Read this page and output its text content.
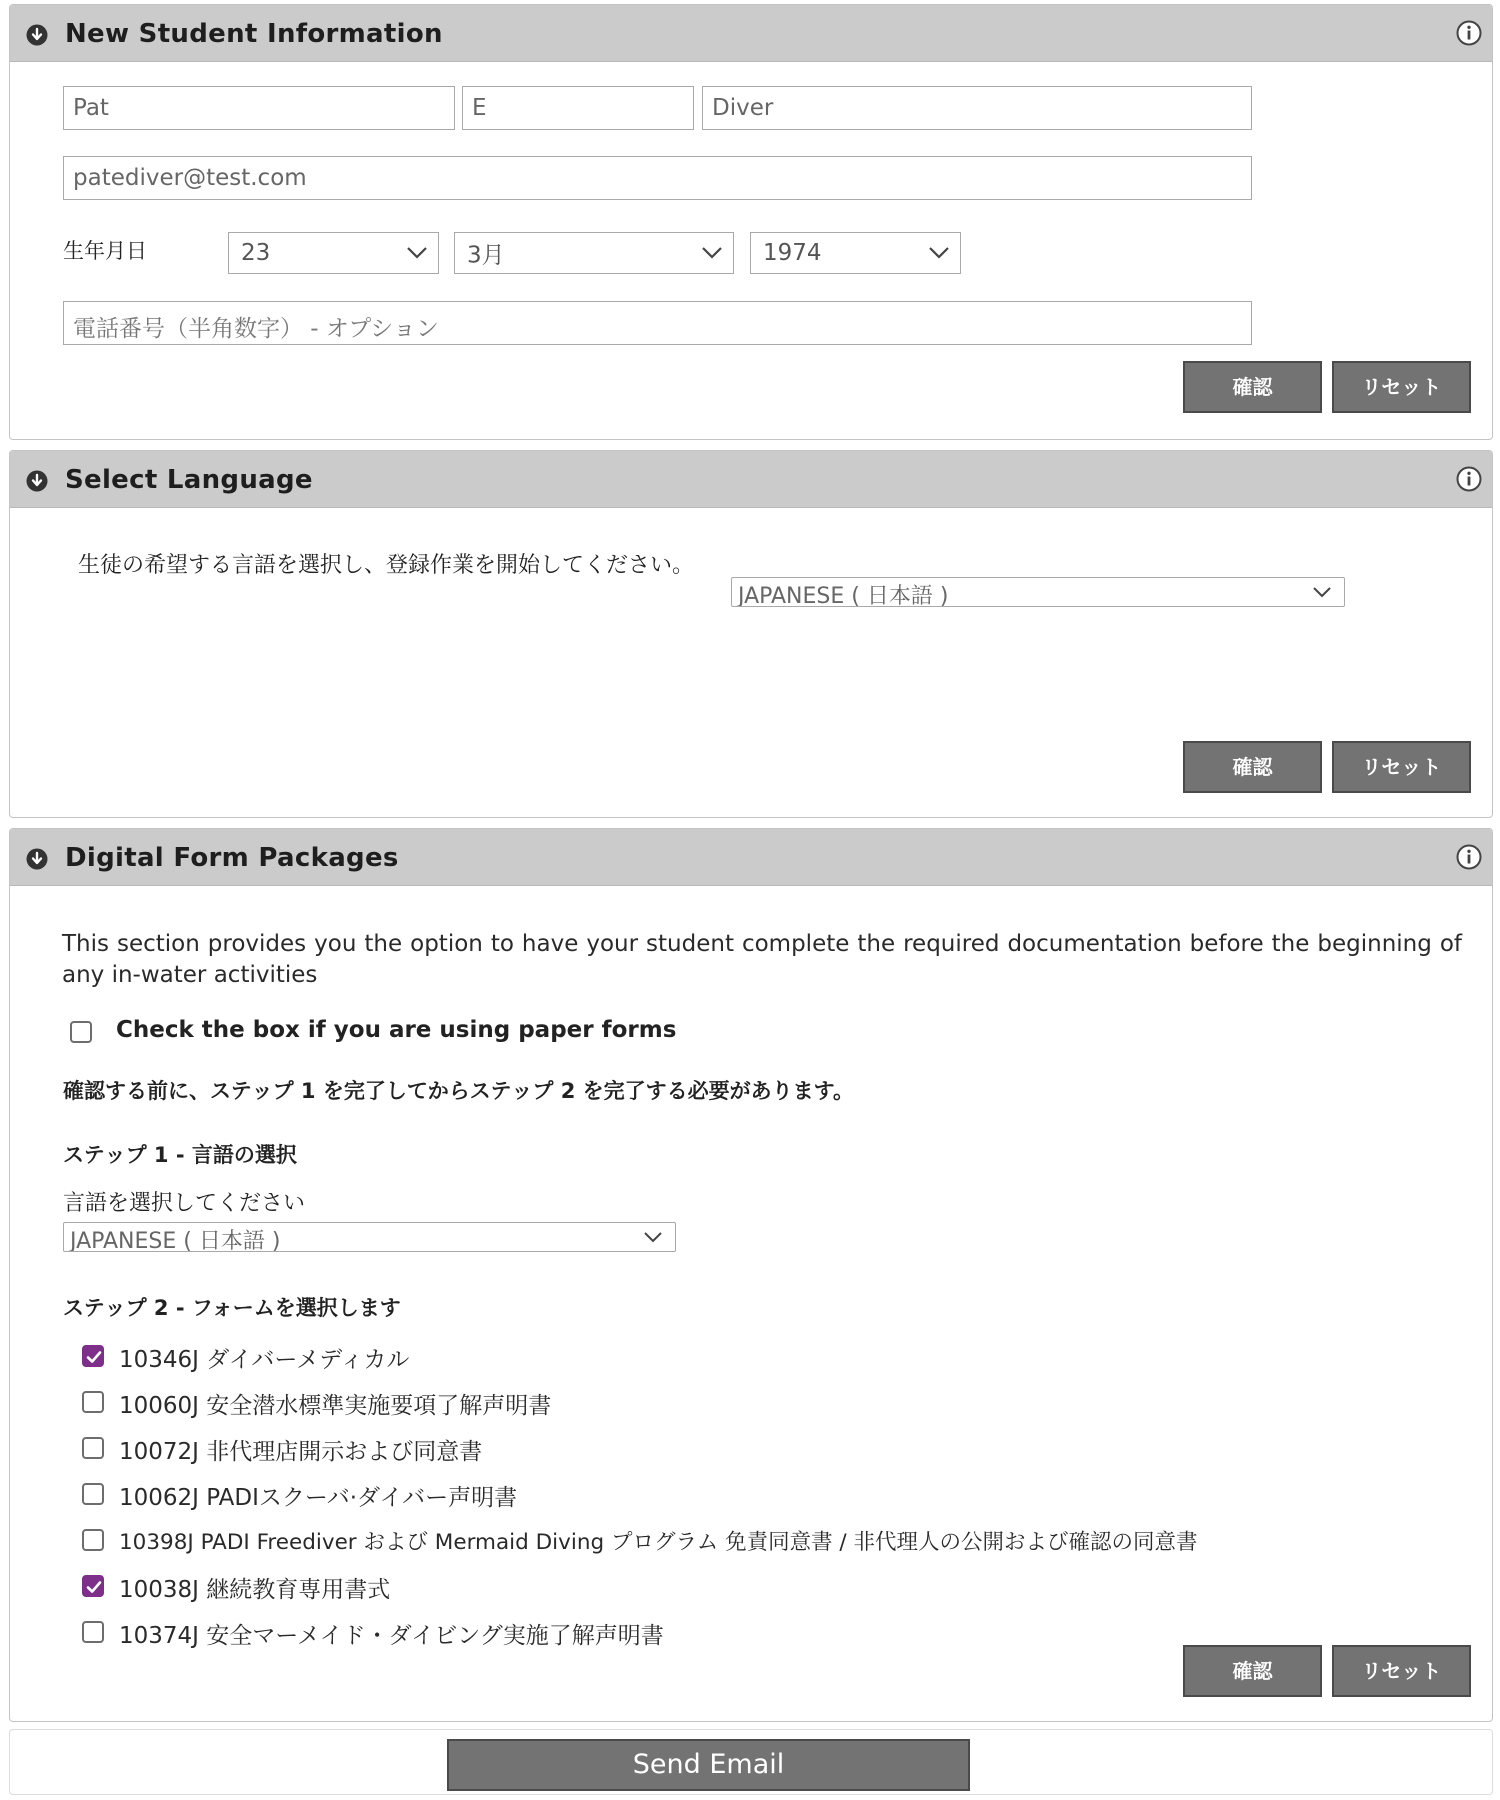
New Student Information
Pat	E	Diver
patediver@test.com
生年月日	23	3月	1974
電話番号（半角数字） - オプション
確認	リセット
Select Language
生徒の希望する言語を選択し、登録作業を開始してください。
JAPANESE ( 日本語 )
確認	リセット
Digital Form Packages
This section provides you the option to have your student complete the required documentation before the beginning of any in-water activities
Check the box if you are using paper forms
確認する前に、ステップ 1 を完了してからステップ 2 を完了する必要があります。
ステップ 1 - 言語の選択
言語を選択してください
JAPANESE ( 日本語 )
ステップ 2 - フォームを選択します
10346J ダイバーメディカル
10060J 安全潜水標準実施要項了解声明書
10072J 非代理店開示および同意書
10062J PADIスクーバ·ダイバー声明書
10398J PADI Freediver および Mermaid Diving プログラム 免責同意書 / 非代理人の公開および確認の同意書
10038J 継続教育専用書式
10374J 安全マーメイド・ダイビング実施了解声明書
確認	リセット
Send Email
